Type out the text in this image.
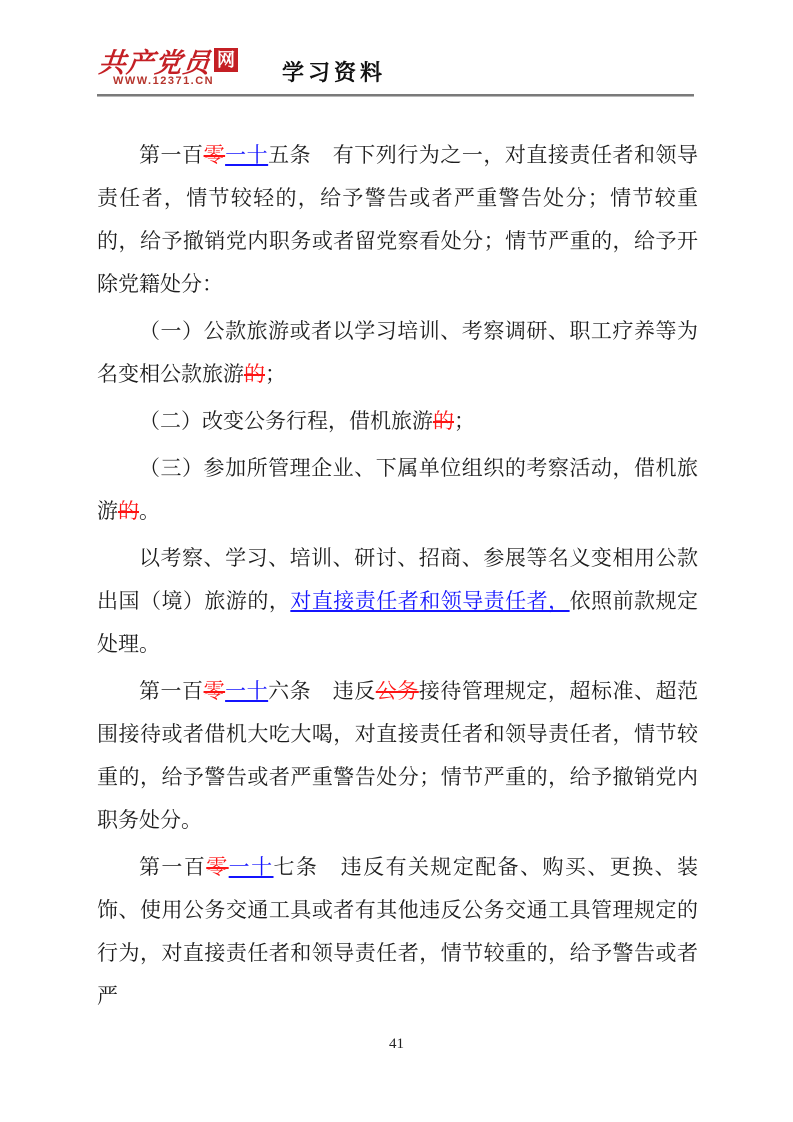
共产党员 网
WWW.12371.CN	学习资料

第一百零一十五条　有下列行为之一，对直接责任者和领导责任者，情节较轻的，给予警告或者严重警告处分；情节较重的，给予撤销党内职务或者留党察看处分；情节严重的，给予开除党籍处分：

（一）公款旅游或者以学习培训、考察调研、职工疗养等为名变相公款旅游的；

（二）改变公务行程，借机旅游的；

（三）参加所管理企业、下属单位组织的考察活动，借机旅游的。

以考察、学习、培训、研讨、招商、参展等名义变相用公款出国（境）旅游的，对直接责任者和领导责任者，依照前款规定处理。

第一百零一十六条　违反公务接待管理规定，超标准、超范围接待或者借机大吃大喝，对直接责任者和领导责任者，情节较重的，给予警告或者严重警告处分；情节严重的，给予撤销党内职务处分。

第一百零一十七条　违反有关规定配备、购买、更换、装饰、使用公务交通工具或者有其他违反公务交通工具管理规定的行为，对直接责任者和领导责任者，情节较重的，给予警告或者严

41
